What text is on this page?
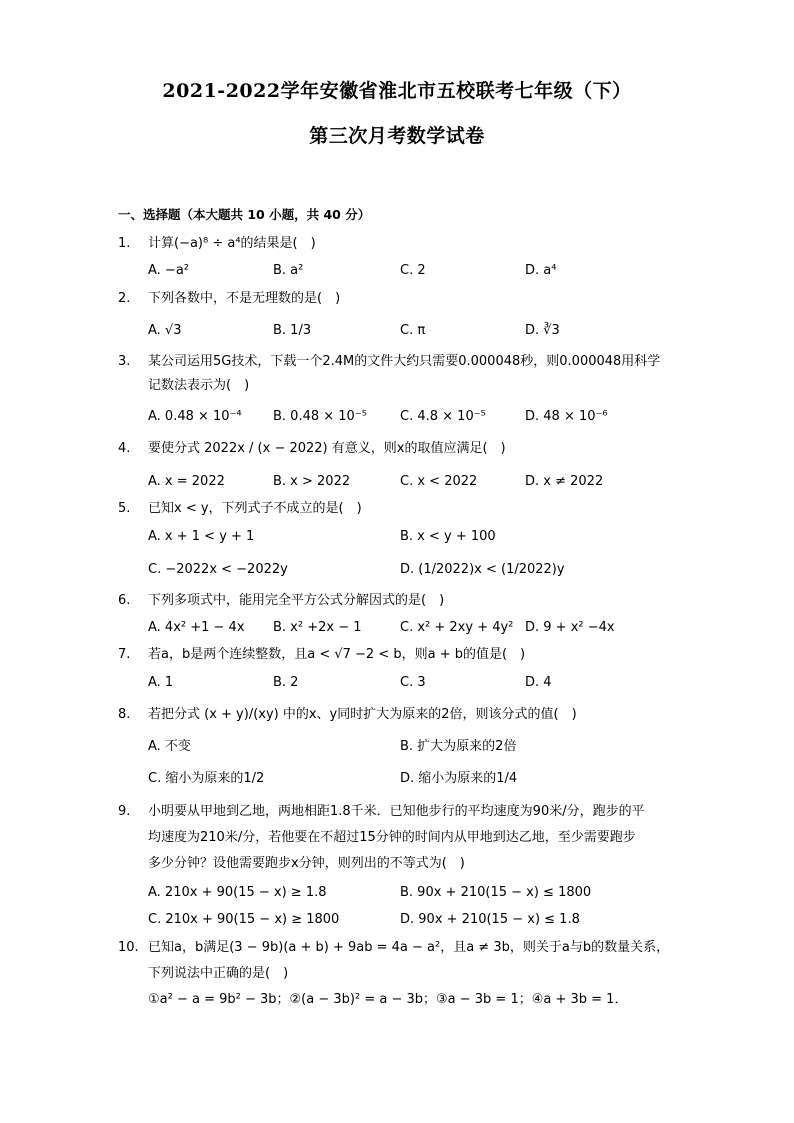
2021-2022学年安徽省淮北市五校联考七年级（下）
第三次月考数学试卷
一、选择题（本大题共 10 小题，共 40 分）
1.	计算(−a)⁸ ÷ a⁴的结果是(　)
A. −a²	B. a²	C. 2	D. a⁴
2.	下列各数中，不是无理数的是(　)
A. √3	B. 1/3	C. π	D. ∛3
3.	某公司运用5G技术，下载一个2.4M的文件大约只需要0.000048秒，则0.000048用科学
记数法表示为(　)
A. 0.48 × 10⁻⁴ B. 0.48 × 10⁻⁵	C. 4.8 × 10⁻⁵	D. 48 × 10⁻⁶
4.	要使分式 2022x / (x − 2022) 有意义，则x的取值应满足(　)
A. x = 2022	B. x > 2022	C. x < 2022	D. x ≠ 2022
5.	已知x < y，下列式子不成立的是(　)
A. x + 1 < y + 1	B. x < y + 100
C. −2022x < −2022y	D. (1/2022)x < (1/2022)y
6.	下列多项式中，能用完全平方公式分解因式的是(　)
A. 4x² +1 − 4x B. x² +2x − 1	C. x² + 2xy + 4y² D. 9 + x² −4x
7.	若a，b是两个连续整数，且a < √7 −2 < b，则a + b的值是(　)
A. 1	B. 2	C. 3	D. 4
8.	若把分式 (x + y)/(xy) 中的x、y同时扩大为原来的2倍，则该分式的值(　)
A. 不变	B. 扩大为原来的2倍
C. 缩小为原来的1/2	D. 缩小为原来的1/4
9.	小明要从甲地到乙地，两地相距1.8千米．已知他步行的平均速度为90米/分，跑步的平
均速度为210米/分，若他要在不超过15分钟的时间内从甲地到达乙地，至少需要跑步
多少分钟？设他需要跑步x分钟，则列出的不等式为(　)
A. 210x + 90(15 − x) ≥ 1.8	B. 90x + 210(15 − x) ≤ 1800
C. 210x + 90(15 − x) ≥ 1800	D. 90x + 210(15 − x) ≤ 1.8
10. 已知a，b满足(3 − 9b)(a + b) + 9ab = 4a − a²，且a ≠ 3b，则关于a与b的数量关系，
下列说法中正确的是(　)
①a² − a = 9b² − 3b；②(a − 3b)² = a − 3b；③a − 3b = 1；④a + 3b = 1．
